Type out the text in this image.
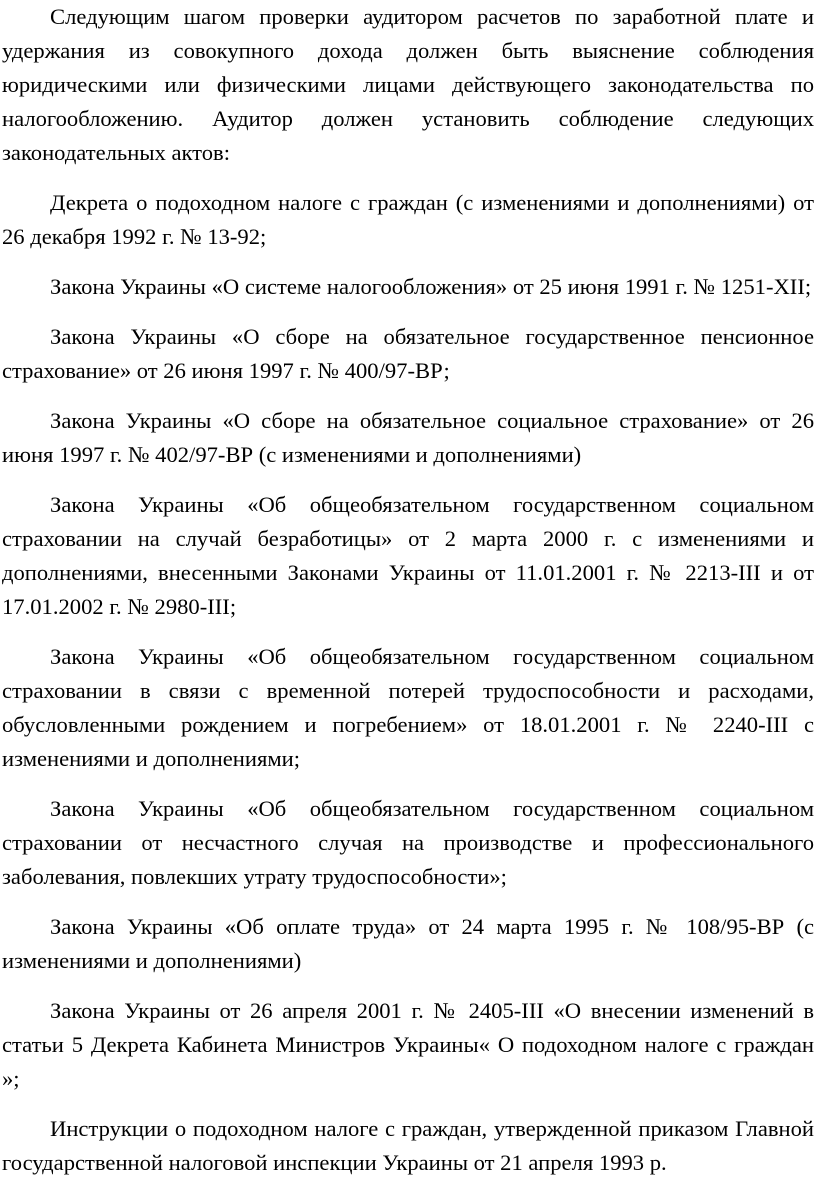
Следующим шагом проверки аудитором расчетов по заработной плате и удержания из совокупного дохода должен быть выяснение соблюдения юридическими или физическими лицами действующего законодательства по налогообложению. Аудитор должен установить соблюдение следующих законодательных актов:

Декрета о подоходном налоге с граждан (с изменениями и дополнениями) от 26 декабря 1992 г. № 13-92;

Закона Украины «О системе налогообложения» от 25 июня 1991 г. № 1251-XII;

Закона Украины «О сборе на обязательное государственное пенсионное страхование» от 26 июня 1997 г. № 400/97-ВР;

Закона Украины «О сборе на обязательное социальное страхование» от 26 июня 1997 г. № 402/97-ВР (с изменениями и дополнениями)

Закона Украины «Об общеобязательном государственном социальном страховании на случай безработицы» от 2 марта 2000 г. с изменениями и дополнениями, внесенными Законами Украины от 11.01.2001 г. № 2213-III и от 17.01.2002 г. № 2980-III;

Закона Украины «Об общеобязательном государственном социальном страховании в связи с временной потерей трудоспособности и расходами, обусловленными рождением и погребением» от 18.01.2001 г. № 2240-III с изменениями и дополнениями;

Закона Украины «Об общеобязательном государственном социальном страховании от несчастного случая на производстве и профессионального заболевания, повлекших утрату трудоспособности»;

Закона Украины «Об оплате труда» от 24 марта 1995 г. № 108/95-ВР (с изменениями и дополнениями)

Закона Украины от 26 апреля 2001 г. № 2405-III «О внесении изменений в статьи 5 Декрета Кабинета Министров Украины« О подоходном налоге с граждан »;

Инструкции о подоходном налоге с граждан, утвержденной приказом Главной государственной налоговой инспекции Украины от 21 апреля 1993 р.
